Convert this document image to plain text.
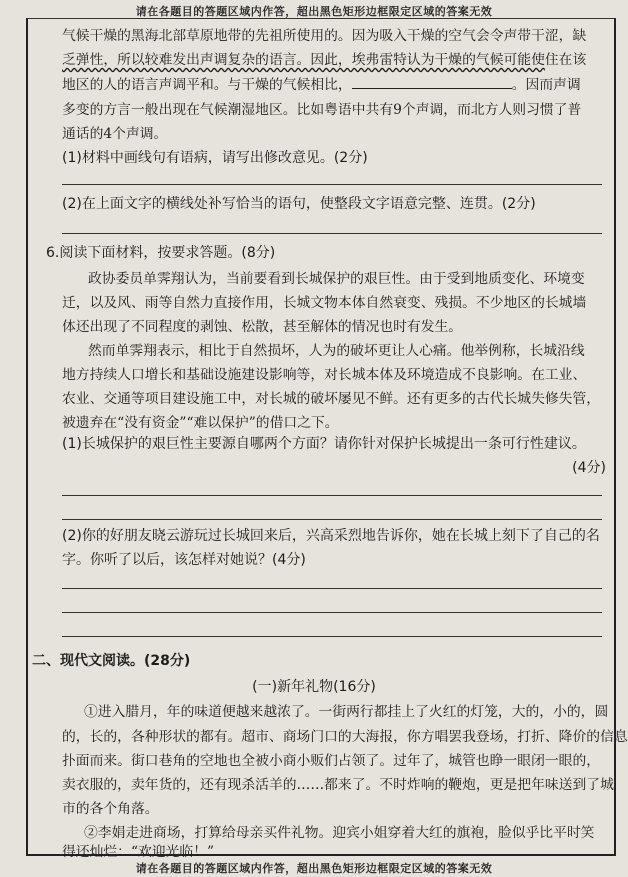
请在各题目的答题区域内作答，超出黑色矩形边框限定区域的答案无效
气候干燥的黑海北部草原地带的先祖所使用的。因为吸入干燥的空气会令声带干涩，缺
乏弹性，所以较难发出声调复杂的语言。因此，埃弗雷特认为干燥的气候可能使住在该
地区的人的语言声调平和。与干燥的气候相比，	。因而声调
多变的方言一般出现在气候潮湿地区。比如粤语中共有9个声调，而北方人则习惯了普
通话的4个声调。
(1)材料中画线句有语病，请写出修改意见。(2分)
(2)在上面文字的横线处补写恰当的语句，使整段文字语意完整、连贯。(2分)
6.阅读下面材料，按要求答题。(8分)
政协委员单霁翔认为，当前要看到长城保护的艰巨性。由于受到地质变化、环境变
迁，以及风、雨等自然力直接作用，长城文物本体自然衰变、残损。不少地区的长城墙
体还出现了不同程度的剥蚀、松散，甚至解体的情况也时有发生。
然而单霁翔表示，相比于自然损坏，人为的破坏更让人心痛。他举例称，长城沿线
地方持续人口增长和基础设施建设影响等，对长城本体及环境造成不良影响。在工业、
农业、交通等项目建设施工中，对长城的破坏屡见不鲜。还有更多的古代长城失修失管，
被遗弃在“没有资金”“难以保护”的借口之下。
(1)长城保护的艰巨性主要源自哪两个方面？请你针对保护长城提出一条可行性建议。
(4分)
(2)你的好朋友晓云游玩过长城回来后，兴高采烈地告诉你，她在长城上刻下了自己的名
字。你听了以后，该怎样对她说？(4分)
二、现代文阅读。(28分)
(一)新年礼物(16分)
①进入腊月，年的味道便越来越浓了。一街两行都挂上了火红的灯笼，大的，小的，圆
的，长的，各种形状的都有。超市、商场门口的大海报，你方唱罢我登场，打折、降价的信息
扑面而来。街口巷角的空地也全被小商小贩们占领了。过年了，城管也睁一眼闭一眼的，
卖衣服的，卖年货的，还有现杀活羊的……都来了。不时炸响的鞭炮，更是把年味送到了城
市的各个角落。
②李娟走进商场，打算给母亲买件礼物。迎宾小姐穿着大红的旗袍，脸似乎比平时笑
得还灿烂：“欢迎光临！”
请在各题目的答题区域内作答，超出黑色矩形边框限定区域的答案无效
